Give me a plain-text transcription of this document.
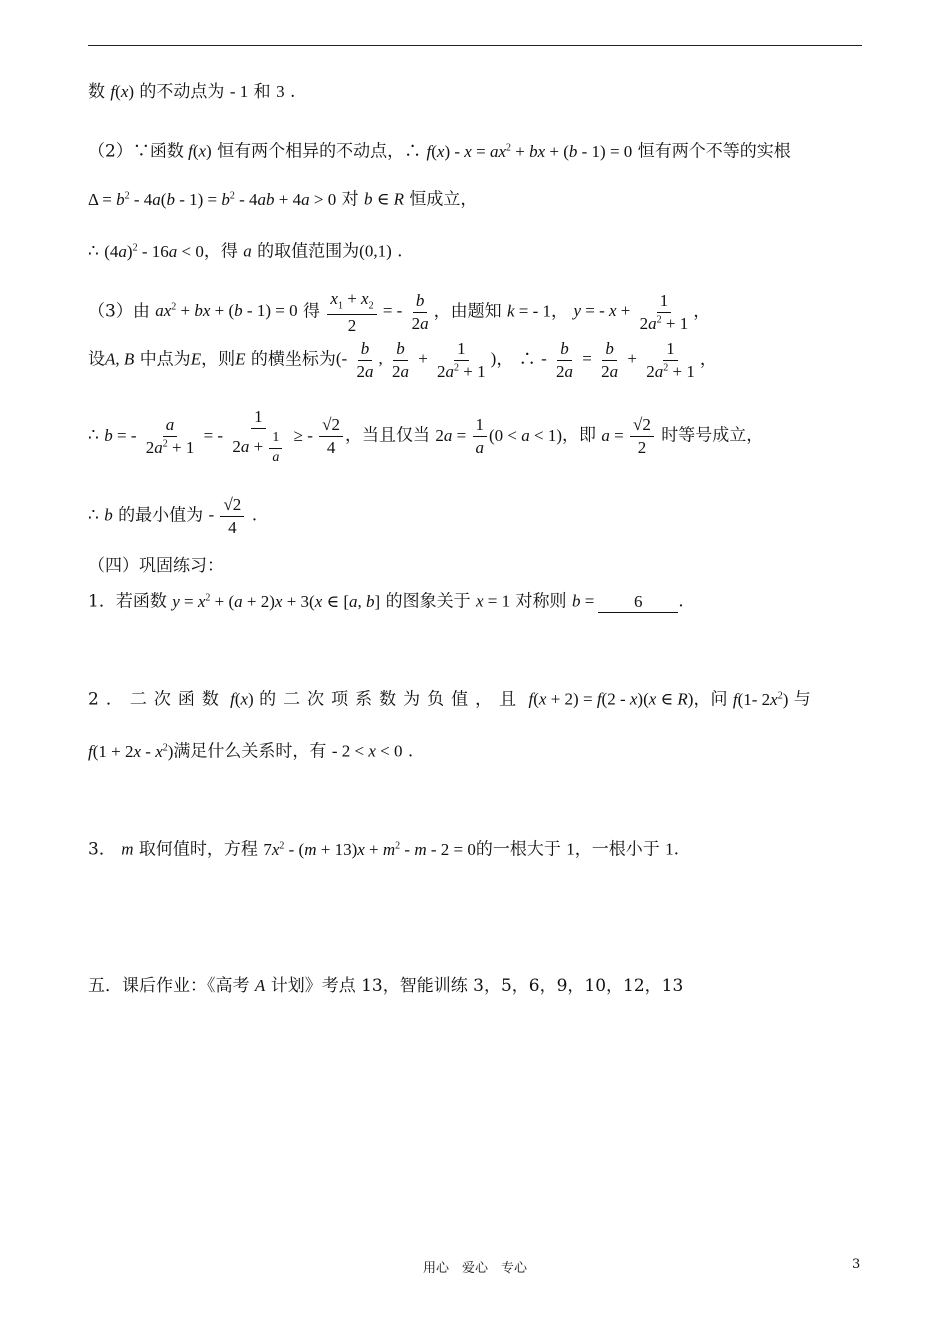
数 f(x) 的不动点为 - 1 和 3 .
（2）∵函数 f(x) 恒有两个相异的不动点，∴ $f(x) - x = ax^2$ + bx + (b - 1) = 0 恒有两个不等的实根
$\Delta = b^2 - 4a(b - 1) = b^2 - 4ab + 4a > 0$ 对 b ∈ R 恒成立，
∴ $(4a)^2 - 16a < 0$，得 a 的取值范围为(0,1) .
（3）由 $ax^2$ + bx + (b - 1) = 0 得 $\frac{x_1 + x_2}{2}$ = - $\frac{b}{2a}$ ，由题知 k = - 1， y = - $x + \frac{1}{2a^2 + 1}$ ，
设A, B 中点为E，则E 的横坐标为(- $\frac{b}{2a}$ , $\frac{b}{2a} + \frac{1}{2a^2 + 1}$ )， ∴ - $\frac{b}{2a} = \frac{b}{2a} + \frac{1}{2a^2 + 1}$ ，
∴ b = - $\frac{a}{2a^2 + 1}$ = - $\frac{1}{2a + \frac{1}{a}}$ ≥ - $\frac{√2}{4}$ ，当且仅当 $2a = \frac{1}{a} (0 < a < 1)$，即 $a = \frac{√2}{2}$ 时等号成立，
∴ b 的最小值为 - $\frac{√2}{4}$ .
（四）巩固练习：
1．若函数 $y = x^2 + (a + 2)x + 3(x$ ∈ [a, b] 的图象关于 x = 1 对称则 b = 6 .
2．二次函数 f(x) 的二次项系数为负值，且 f(x + 2) = f(2 - x)(x ∈ R)，问 f(1- $2x^2$) 与
$f(1 + 2x - x^2)$满足什么关系时，有 - 2 < x < 0 .
3． m 取何值时，方程 $7x^2 - (m + 13)x + m^2 - m - 2 = 0$的一根大于 1，一根小于 1.
五．课后作业：《高考 A 计划》考点 13，智能训练 3，5，6，9，10，12，13
用心　爱心　专心	3
